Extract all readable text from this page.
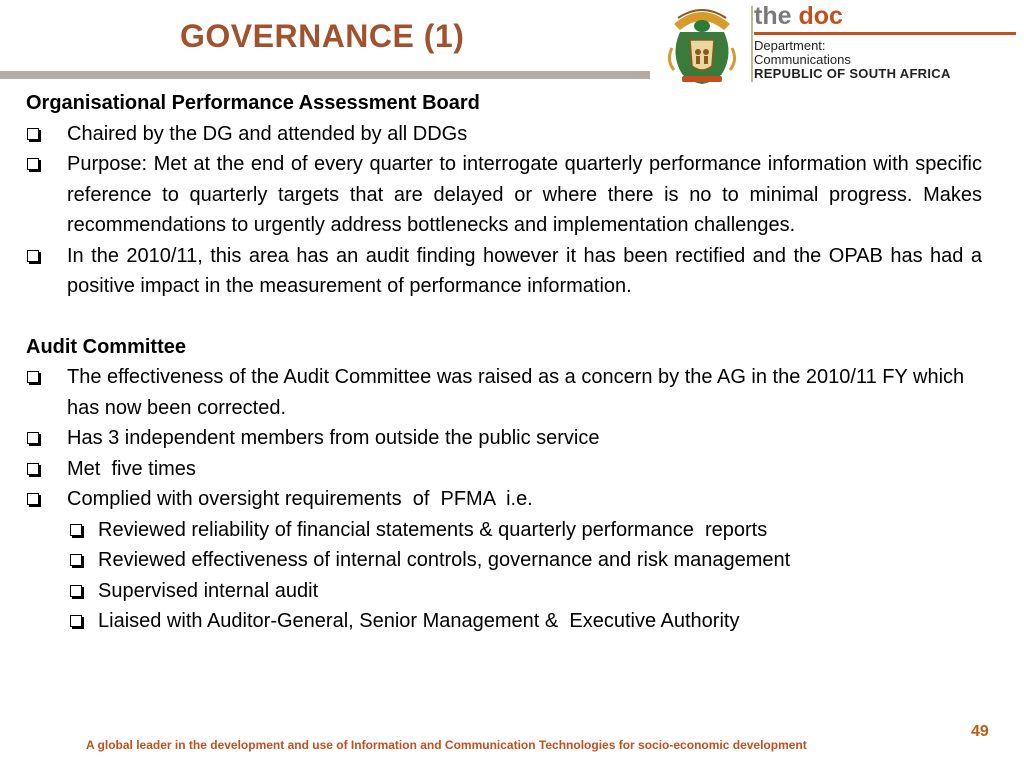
GOVERNANCE (1)
the doc
Department:
Communications
REPUBLIC OF SOUTH AFRICA
Organisational Performance Assessment Board
Chaired by the DG and attended by all DDGs
Purpose: Met at the end of every quarter to interrogate quarterly performance information with specific reference to quarterly targets that are delayed or where there is no to minimal progress. Makes recommendations to urgently address bottlenecks and implementation challenges.
In the 2010/11, this area has an audit finding however it has been rectified and the OPAB has had a positive impact in the measurement of performance information.
Audit Committee
The effectiveness of the Audit Committee was raised as a concern by the AG in the 2010/11 FY which has now been corrected.
Has 3 independent members from outside the public service
Met  five times
Complied with oversight requirements  of  PFMA  i.e.
Reviewed reliability of financial statements & quarterly performance  reports
Reviewed effectiveness of internal controls, governance and risk management
Supervised internal audit
Liaised with Auditor-General, Senior Management &  Executive Authority
49
A global leader in the development and use of Information and Communication Technologies for socio-economic development
